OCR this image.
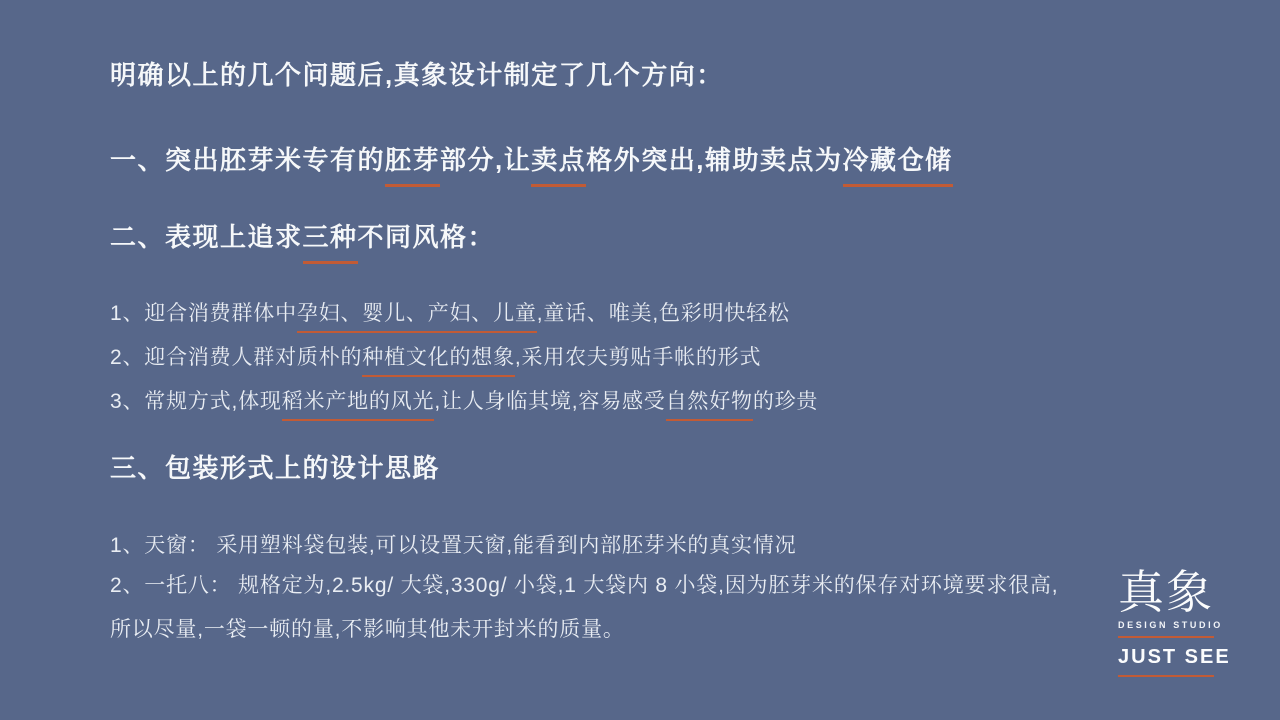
明确以上的几个问题后,真象设计制定了几个方向：
一、突出胚芽米专有的胚芽部分,让卖点格外突出,辅助卖点为冷藏仓储
二、表现上追求三种不同风格：
1、迎合消费群体中孕妇、婴儿、产妇、儿童,童话、唯美,色彩明快轻松
2、迎合消费人群对质朴的种植文化的想象,采用农夫剪贴手帐的形式
3、常规方式,体现稻米产地的风光,让人身临其境,容易感受自然好物的珍贵
三、包装形式上的设计思路
1、天窗： 采用塑料袋包装,可以设置天窗,能看到内部胚芽米的真实情况
2、一托八： 规格定为,2.5kg/ 大袋,330g/ 小袋,1 大袋内 8 小袋,因为胚芽米的保存对环境要求很高,所以尽量,一袋一顿的量,不影响其他未开封米的质量。
真象
DESIGN STUDIO
JUST SEE
